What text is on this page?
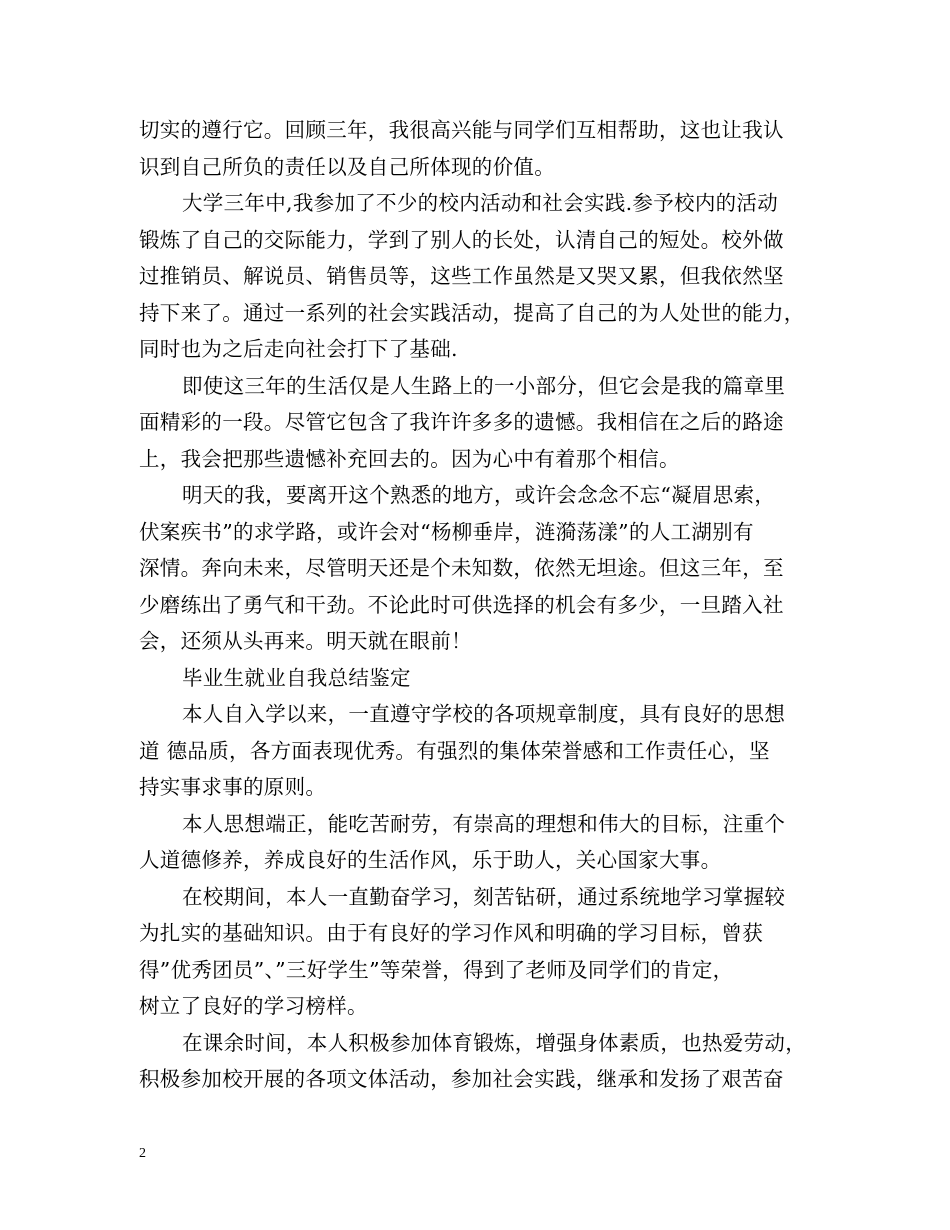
切实的遵行它。回顾三年，我很高兴能与同学们互相帮助，这也让我认
识到自己所负的责任以及自己所体现的价值。
大学三年中,我参加了不少的校内活动和社会实践.参予校内的活动
锻炼了自己的交际能力，学到了别人的长处，认清自己的短处。校外做
过推销员、解说员、销售员等，这些工作虽然是又哭又累，但我依然坚
持下来了。通过一系列的社会实践活动，提高了自己的为人处世的能力，
同时也为之后走向社会打下了基础.
即使这三年的生活仅是人生路上的一小部分，但它会是我的篇章里
面精彩的一段。尽管它包含了我许许多多的遗憾。我相信在之后的路途
上，我会把那些遗憾补充回去的。因为心中有着那个相信。
明天的我，要离开这个熟悉的地方，或许会念念不忘“凝眉思索，
伏案疾书”的求学路，或许会对“杨柳垂岸，涟漪荡漾”的人工湖别有
深情。奔向未来，尽管明天还是个未知数，依然无坦途。但这三年，至
少磨练出了勇气和干劲。不论此时可供选择的机会有多少，一旦踏入社
会，还须从头再来。明天就在眼前！
毕业生就业自我总结鉴定
本人自入学以来，一直遵守学校的各项规章制度，具有良好的思想
道 德品质，各方面表现优秀。有强烈的集体荣誉感和工作责任心，坚
持实事求事的原则。
本人思想端正，能吃苦耐劳，有崇高的理想和伟大的目标，注重个
人道德修养，养成良好的生活作风，乐于助人，关心国家大事。
在校期间，本人一直勤奋学习，刻苦钻研，通过系统地学习掌握较
为扎实的基础知识。由于有良好的学习作风和明确的学习目标，曾获
得”优秀团员”、”三好学生”等荣誉，得到了老师及同学们的肯定，
树立了良好的学习榜样。
在课余时间，本人积极参加体育锻炼，增强身体素质，也热爱劳动，
积极参加校开展的各项文体活动，参加社会实践，继承和发扬了艰苦奋
2
